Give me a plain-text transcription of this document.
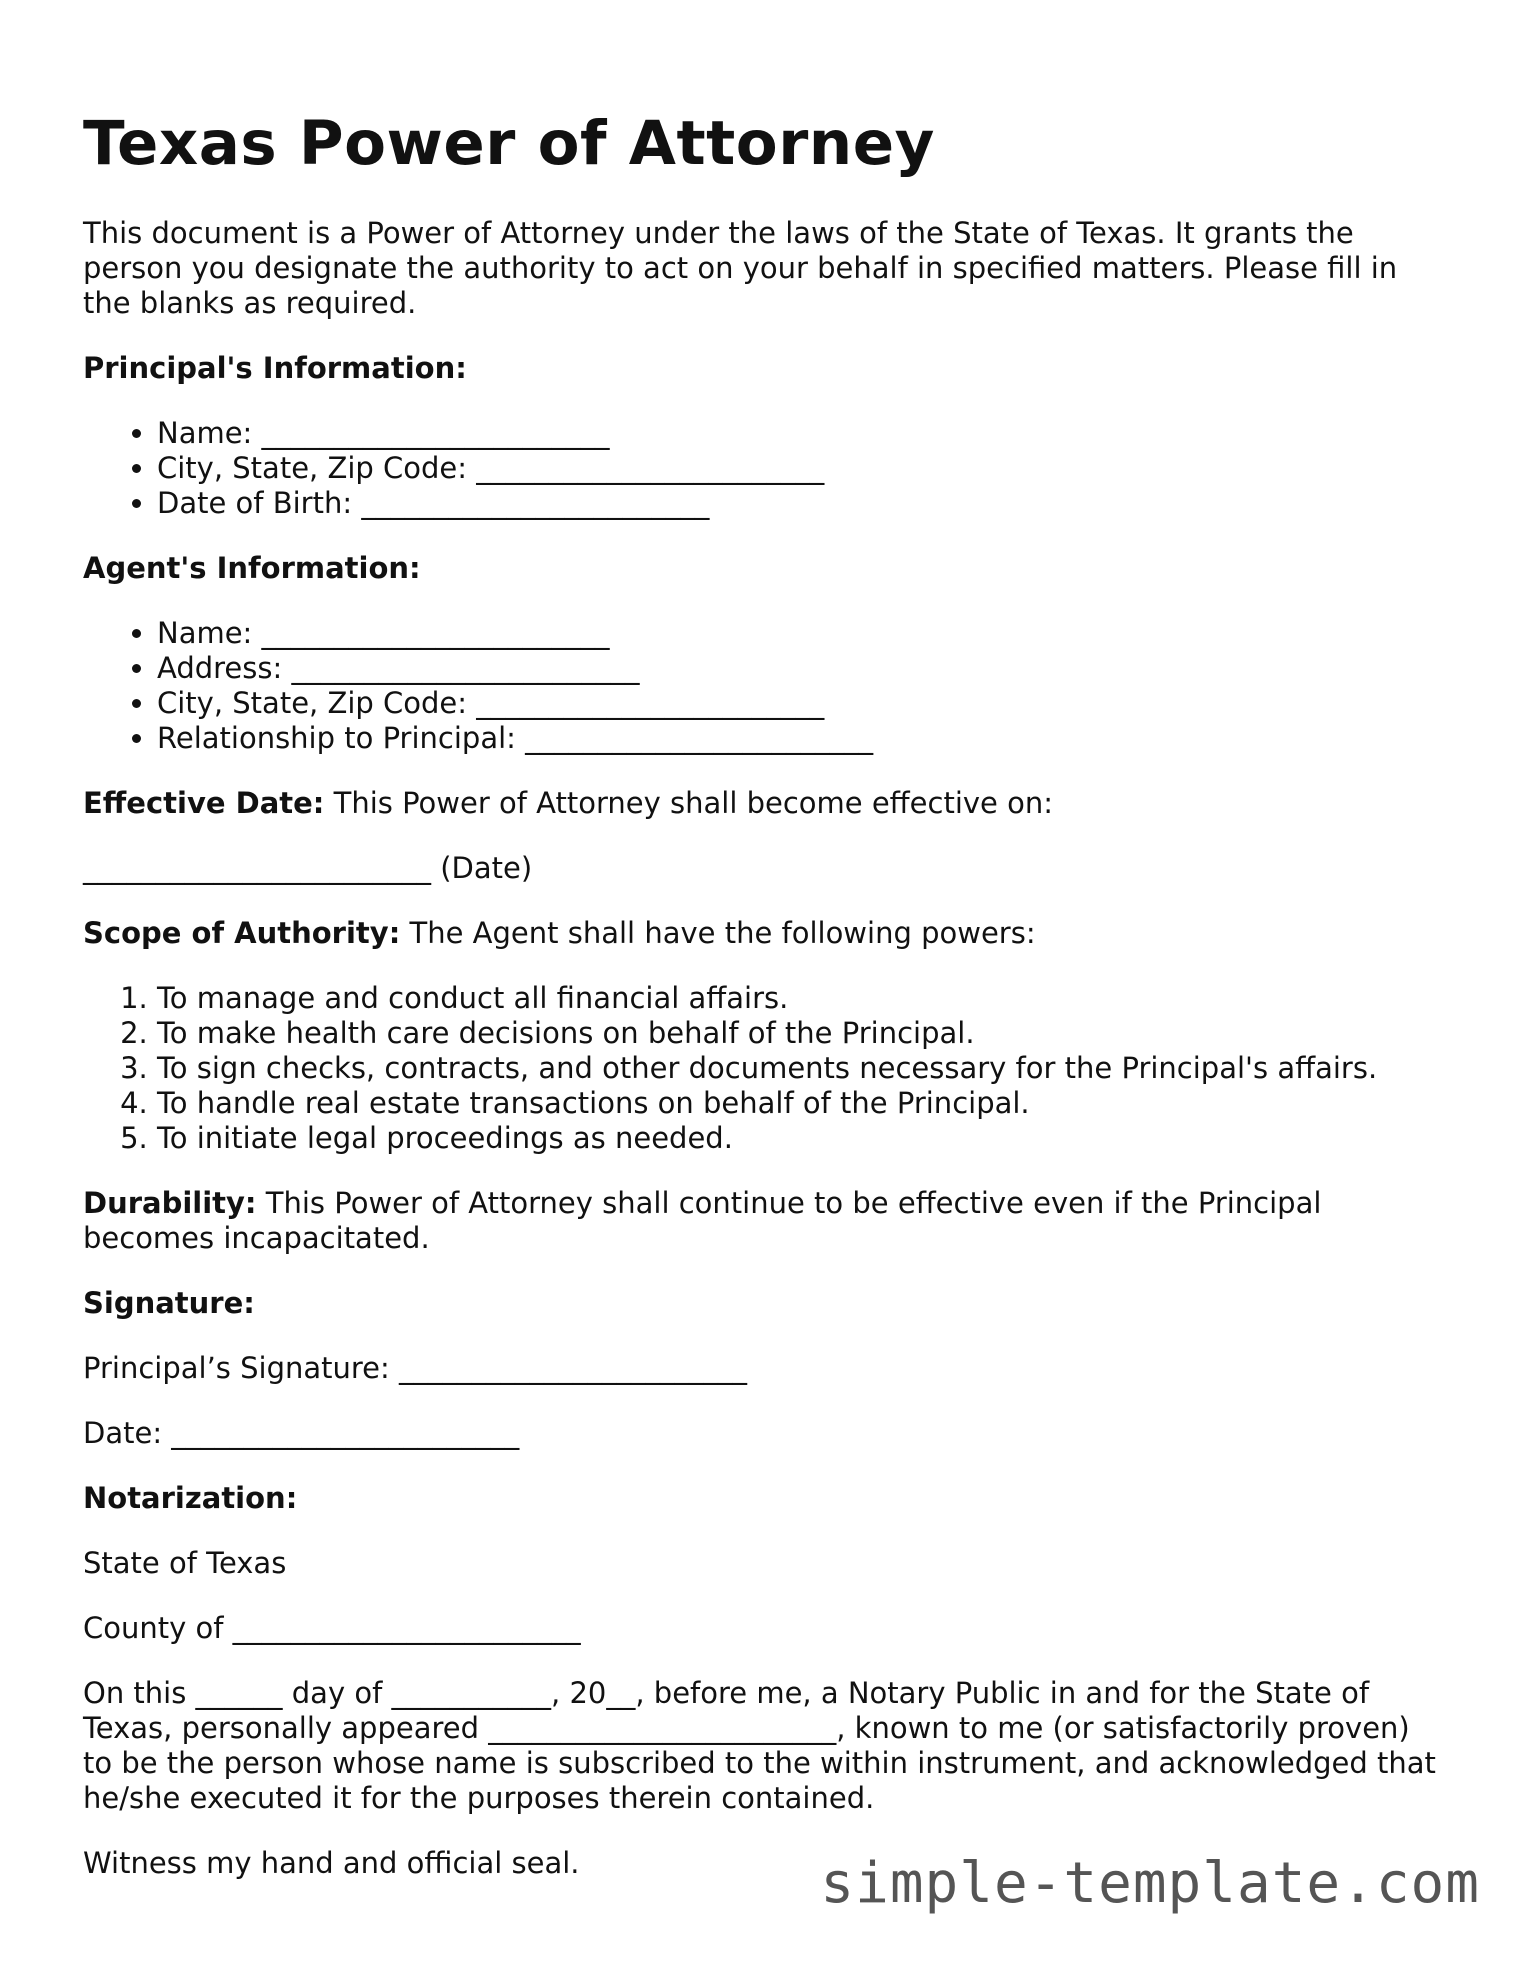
Texas Power of Attorney

This document is a Power of Attorney under the laws of the State of Texas. It grants the person you designate the authority to act on your behalf in specified matters. Please fill in the blanks as required.

Principal's Information:

• Name: ________________________
• City, State, Zip Code: ________________________
• Date of Birth: ________________________

Agent's Information:

• Name: ________________________
• Address: ________________________
• City, State, Zip Code: ________________________
• Relationship to Principal: ________________________

Effective Date: This Power of Attorney shall become effective on:

________________________ (Date)

Scope of Authority: The Agent shall have the following powers:

1. To manage and conduct all financial affairs.
2. To make health care decisions on behalf of the Principal.
3. To sign checks, contracts, and other documents necessary for the Principal's affairs.
4. To handle real estate transactions on behalf of the Principal.
5. To initiate legal proceedings as needed.

Durability: This Power of Attorney shall continue to be effective even if the Principal becomes incapacitated.

Signature:

Principal’s Signature: ________________________

Date: ________________________

Notarization:

State of Texas

County of ________________________

On this ______ day of ___________, 20__, before me, a Notary Public in and for the State of Texas, personally appeared ________________________, known to me (or satisfactorily proven) to be the person whose name is subscribed to the within instrument, and acknowledged that he/she executed it for the purposes therein contained.

Witness my hand and official seal.	simple-template.com
